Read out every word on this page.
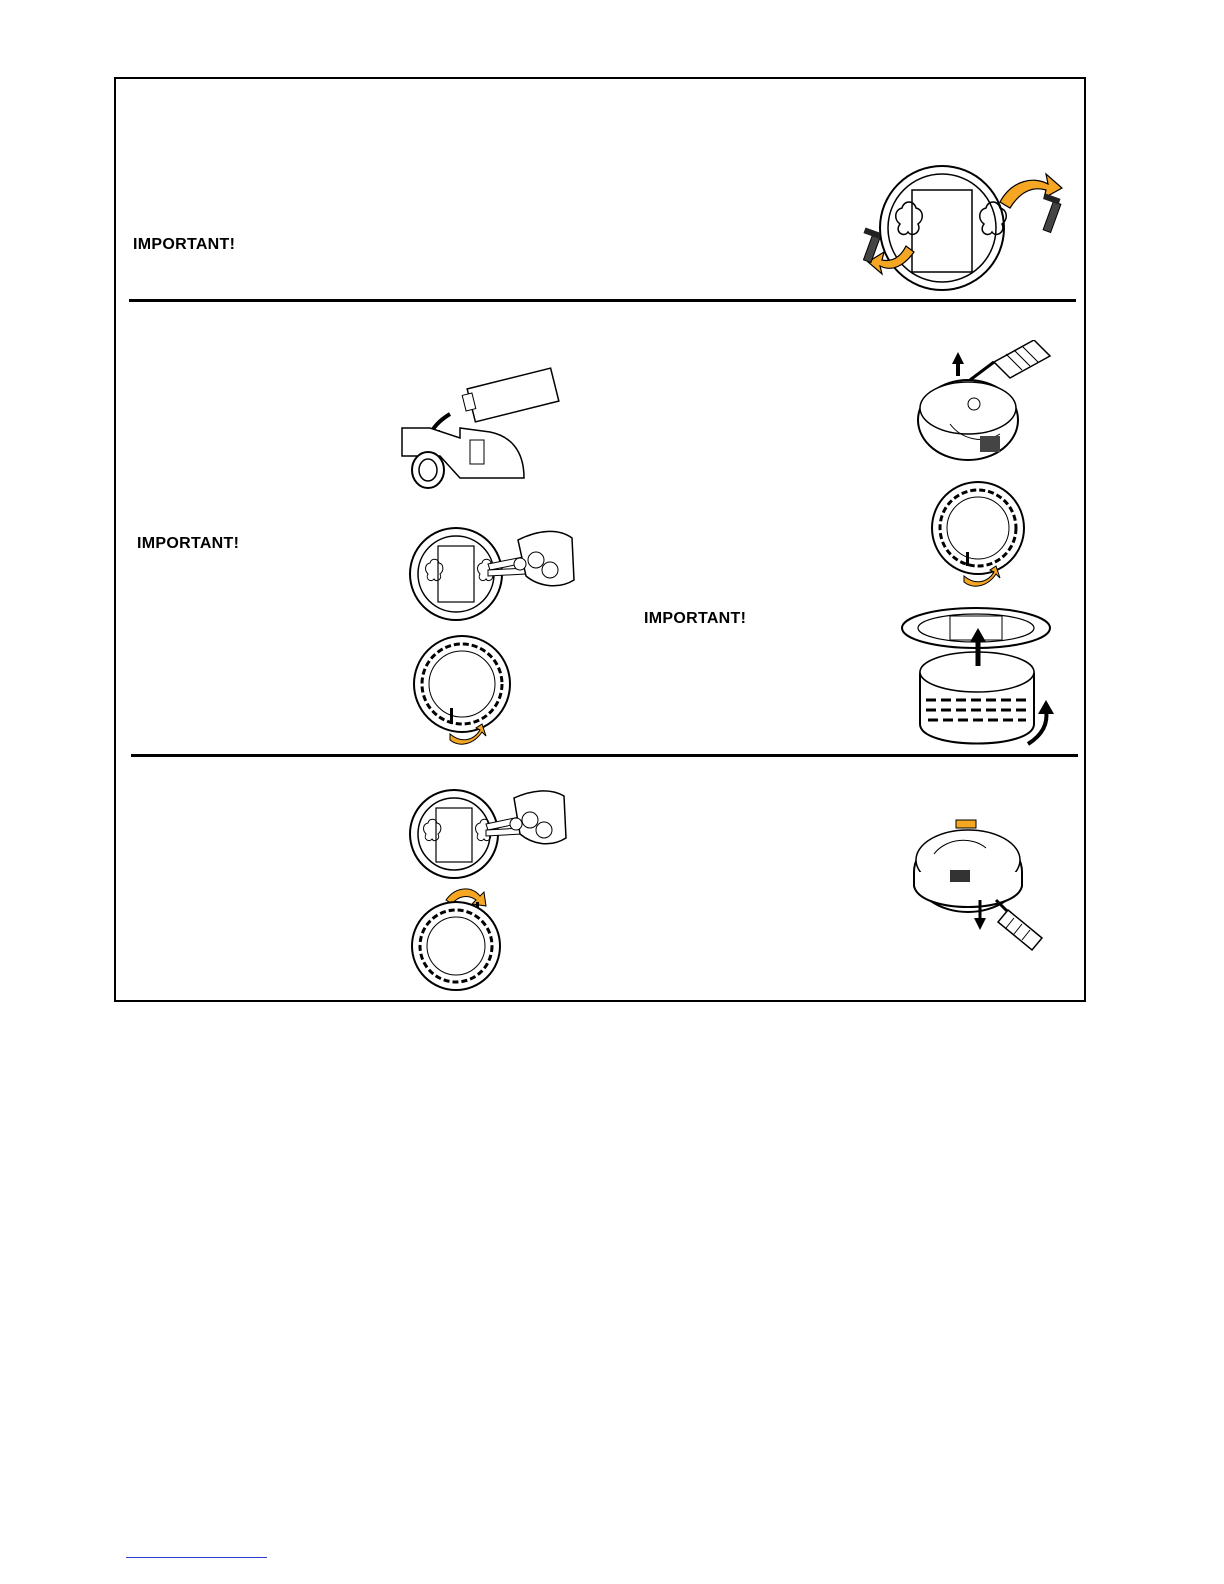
IMPORTANT!
IMPORTANT!
IMPORTANT!
